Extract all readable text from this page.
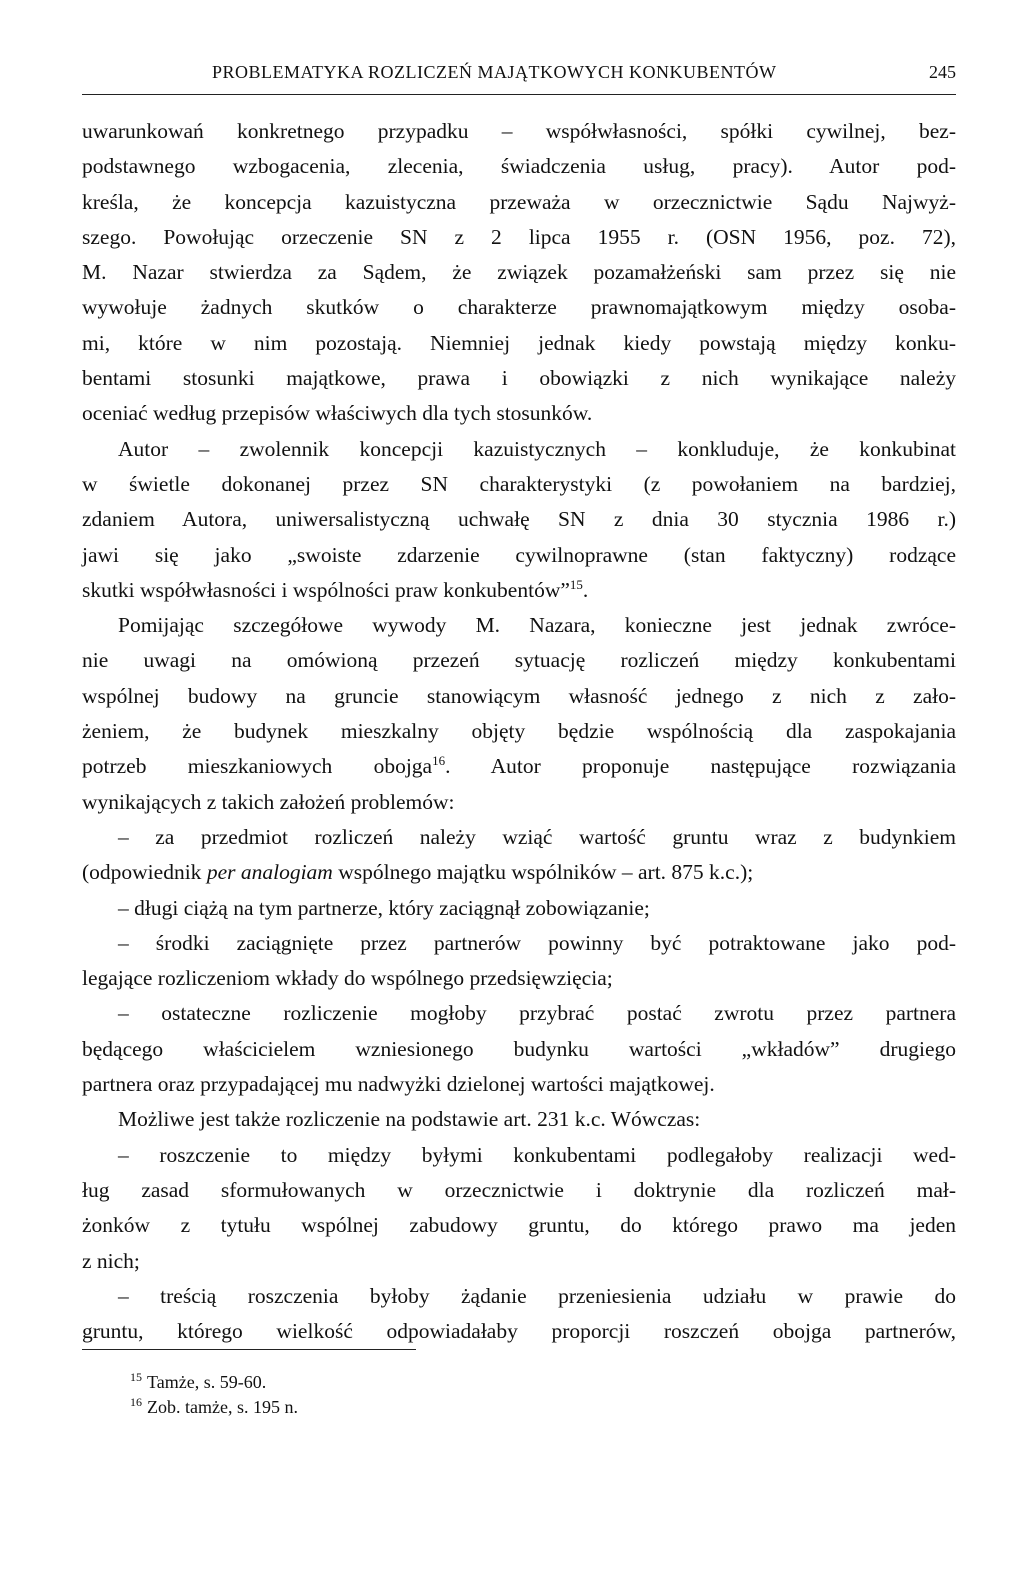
PROBLEMATYKA ROZLICZEŃ MAJĄTKOWYCH KONKUBENTÓW	245
uwarunkowań konkretnego przypadku – współwłasności, spółki cywilnej, bez-
podstawnego wzbogacenia, zlecenia, świadczenia usług, pracy). Autor pod-
kreśla, że koncepcja kazuistyczna przeważa w orzecznictwie Sądu Najwyż-
szego. Powołując orzeczenie SN z 2 lipca 1955 r. (OSN 1956, poz. 72),
M. Nazar stwierdza za Sądem, że związek pozamałżeński sam przez się nie
wywołuje żadnych skutków o charakterze prawnomajątkowym między osoba-
mi, które w nim pozostają. Niemniej jednak kiedy powstają między konku-
bentami stosunki majątkowe, prawa i obowiązki z nich wynikające należy
oceniać według przepisów właściwych dla tych stosunków.
Autor – zwolennik koncepcji kazuistycznych – konkluduje, że konkubinat
w świetle dokonanej przez SN charakterystyki (z powołaniem na bardziej,
zdaniem Autora, uniwersalistyczną uchwałę SN z dnia 30 stycznia 1986 r.)
jawi się jako „swoiste zdarzenie cywilnoprawne (stan faktyczny) rodzące
skutki współwłasności i wspólności praw konkubentów”$^{15}$.
Pomijając szczegółowe wywody M. Nazara, konieczne jest jednak zwróce-
nie uwagi na omówioną przezeń sytuację rozliczeń między konkubentami
wspólnej budowy na gruncie stanowiącym własność jednego z nich z zało-
żeniem, że budynek mieszkalny objęty będzie wspólnością dla zaspokajania
potrzeb mieszkaniowych obojga$^{16}$. Autor proponuje następujące rozwiązania
wynikających z takich założeń problemów:
– za przedmiot rozliczeń należy wziąć wartość gruntu wraz z budynkiem
(odpowiednik per analogiam wspólnego majątku wspólników – art. 875 k.c.);
– długi ciążą na tym partnerze, który zaciągnął zobowiązanie;
– środki zaciągnięte przez partnerów powinny być potraktowane jako pod-
legające rozliczeniom wkłady do wspólnego przedsięwzięcia;
– ostateczne rozliczenie mogłoby przybrać postać zwrotu przez partnera
będącego właścicielem wzniesionego budynku wartości „wkładów” drugiego
partnera oraz przypadającej mu nadwyżki dzielonej wartości majątkowej.
Możliwe jest także rozliczenie na podstawie art. 231 k.c. Wówczas:
– roszczenie to między byłymi konkubentami podlegałoby realizacji wed-
ług zasad sformułowanych w orzecznictwie i doktrynie dla rozliczeń mał-
żonków z tytułu wspólnej zabudowy gruntu, do którego prawo ma jeden
z nich;
– treścią roszczenia byłoby żądanie przeniesienia udziału w prawie do
gruntu, którego wielkość odpowiadałaby proporcji roszczeń obojga partnerów,
$^{15}$ Tamże, s. 59-60.
$^{16}$ Zob. tamże, s. 195 n.
